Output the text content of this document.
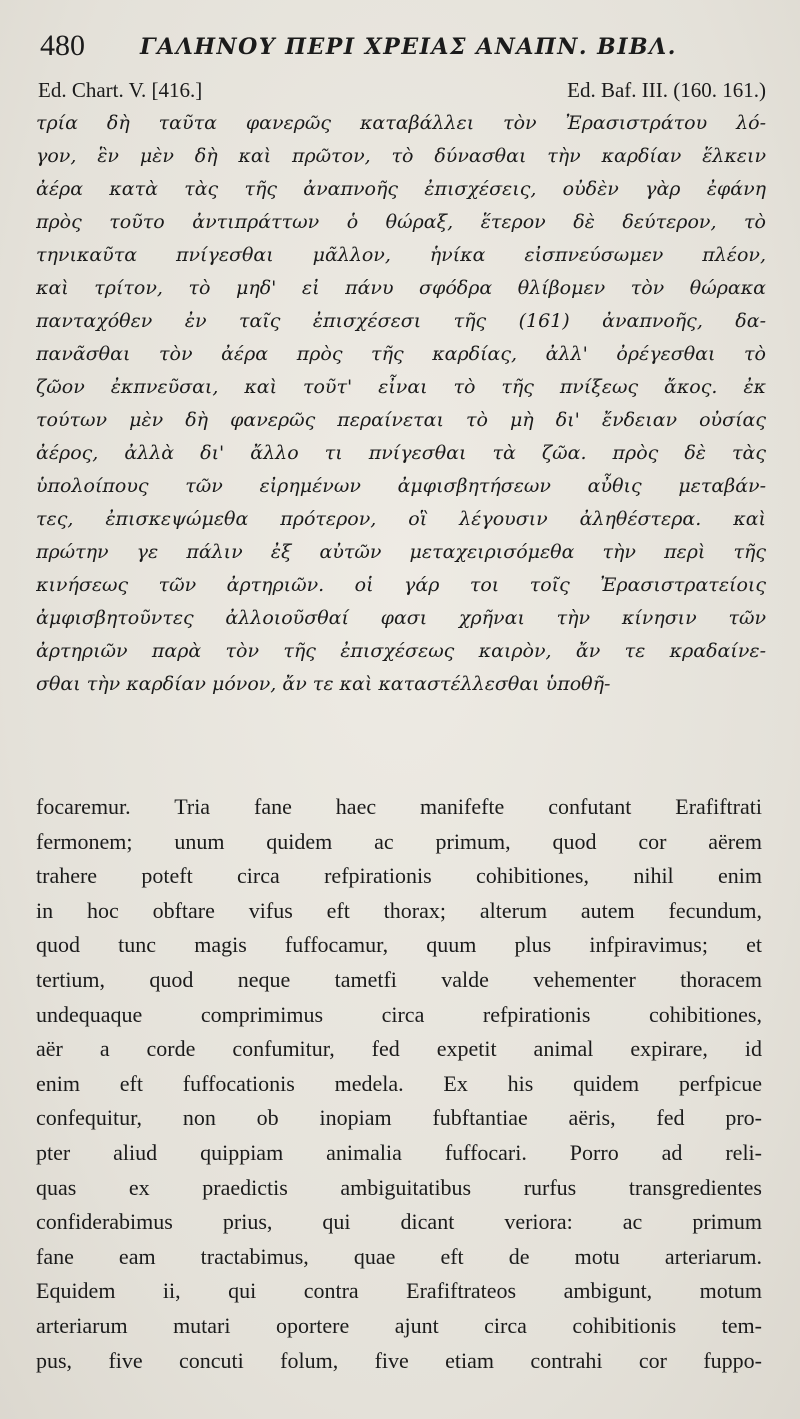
480	ΓΑΛΗΝΟΥ ΠΕΡΙ ΧΡΕΙΑΣ ΑΝΑΠΝ. ΒΙΒΛ.
Ed. Chart. V. [416.]	Ed. Baf. III. (160. 161.)
τρία δὴ ταῦτα φανερῶς καταβάλλει τὸν Ἐρασιστράτου λό-
γον, ἓν μὲν δὴ καὶ πρῶτον, τὸ δύνασθαι τὴν καρδίαν ἕλκειν
ἀέρα κατὰ τὰς τῆς ἀναπνοῆς ἐπισχέσεις, οὐδὲν γὰρ ἐφάνη
πρὸς τοῦτο ἀντιπράττων ὁ θώραξ, ἕτερον δὲ δεύτερον, τὸ
τηνικαῦτα πνίγεσθαι μᾶλλον, ἡνίκα εἰσπνεύσωμεν πλέον,
καὶ τρίτον, τὸ μηδ' εἰ πάνυ σφόδρα θλίβομεν τὸν θώρακα
πανταχόθεν ἐν ταῖς ἐπισχέσεσι τῆς (161) ἀναπνοῆς, δα-
πανᾶσθαι τὸν ἀέρα πρὸς τῆς καρδίας, ἀλλ' ὀρέγεσθαι τὸ
ζῶον ἐκπνεῦσαι, καὶ τοῦτ' εἶναι τὸ τῆς πνίξεως ἄκος. ἐκ
τούτων μὲν δὴ φανερῶς περαίνεται τὸ μὴ δι' ἔνδειαν οὐσίας
ἀέρος, ἀλλὰ δι' ἄλλο τι πνίγεσθαι τὰ ζῶα. πρὸς δὲ τὰς
ὑπολοίπους τῶν εἰρημένων ἀμφισβητήσεων αὖθις μεταβάν-
τες, ἐπισκεψώμεθα πρότερον, οἳ λέγουσιν ἀληθέστερα. καὶ
πρώτην γε πάλιν ἐξ αὐτῶν μεταχειρισόμεθα τὴν περὶ τῆς
κινήσεως τῶν ἀρτηριῶν. οἱ γάρ τοι τοῖς Ἐρασιστρατείοις
ἀμφισβητοῦντες ἀλλοιοῦσθαί φασι χρῆναι τὴν κίνησιν τῶν
ἀρτηριῶν παρὰ τὸν τῆς ἐπισχέσεως καιρὸν, ἄν τε κραδαίνε-
σθαι τὴν καρδίαν μόνον, ἄν τε καὶ καταστέλλεσθαι ὑποθῆ-
focaremur. Tria fane haec manifefte confutant Erafiftrati
fermonem; unum quidem ac primum, quod cor aërem
trahere poteft circa refpirationis cohibitiones, nihil enim
in hoc obftare vifus eft thorax; alterum autem fecundum,
quod tunc magis fuffocamur, quum plus infpiravimus; et
tertium, quod neque tametfi valde vehementer thoracem
undequaque comprimimus circa refpirationis cohibitiones,
aër a corde confumitur, fed expetit animal expirare, id
enim eft fuffocationis medela. Ex his quidem perfpicue
confequitur, non ob inopiam fubftantiae aëris, fed pro-
pter aliud quippiam animalia fuffocari. Porro ad reli-
quas ex praedictis ambiguitatibus rurfus transgredientes
confiderabimus prius, qui dicant veriora: ac primum
fane eam tractabimus, quae eft de motu arteriarum.
Equidem ii, qui contra Erafiftrateos ambigunt, motum
arteriarum mutari oportere ajunt circa cohibitionis tem-
pus, five concuti folum, five etiam contrahi cor fuppo-
